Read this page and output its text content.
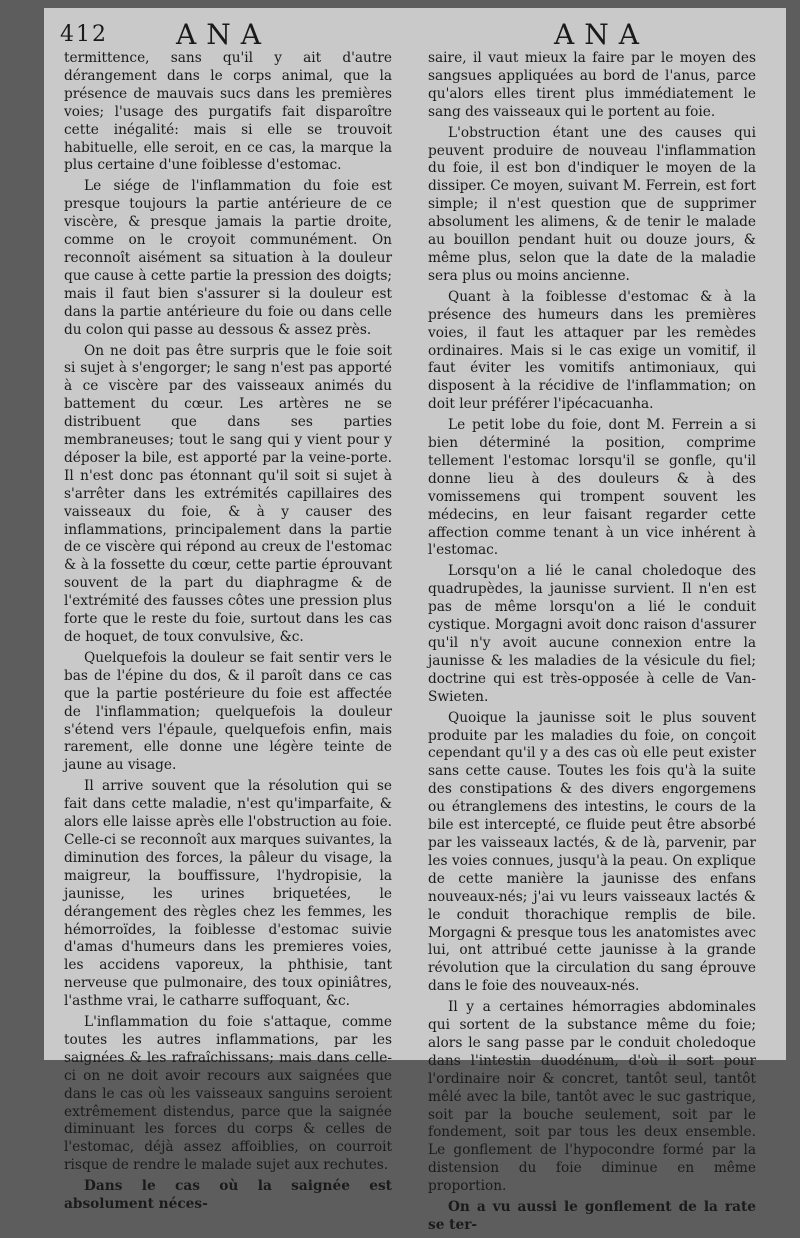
412 ANA	ANA

termittence, sans qu'il y ait d'autre dérangement dans le corps animal, que la présence de mauvais sucs dans les premières voies; l'usage des purgatifs fait disparoître cette inégalité: mais si elle se trouvoit habituelle, elle seroit, en ce cas, la marque la plus certaine d'une foiblesse d'estomac.

Le siége de l'inflammation du foie est presque toujours la partie antérieure de ce viscère, & presque jamais la partie droite, comme on le croyoit communément. On reconnoît aisément sa situation à la douleur que cause à cette partie la pression des doigts; mais il faut bien s'assurer si la douleur est dans la partie antérieure du foie ou dans celle du colon qui passe au dessous & assez près.

On ne doit pas être surpris que le foie soit si sujet à s'engorger; le sang n'est pas apporté à ce viscère par des vaisseaux animés du battement du cœur. Les artères ne se distribuent que dans ses parties membraneuses; tout le sang qui y vient pour y déposer la bile, est apporté par la veine-porte. Il n'est donc pas étonnant qu'il soit si sujet à s'arrêter dans les extrémités capillaires des vaisseaux du foie, & à y causer des inflammations, principalement dans la partie de ce viscère qui répond au creux de l'estomac & à la fossette du cœur, cette partie éprouvant souvent de la part du diaphragme & de l'extrémité des fausses côtes une pression plus forte que le reste du foie, surtout dans les cas de hoquet, de toux convulsive, &c.

Quelquefois la douleur se fait sentir vers le bas de l'épine du dos, & il paroît dans ce cas que la partie postérieure du foie est affectée de l'inflammation; quelquefois la douleur s'étend vers l'épaule, quelquefois enfin, mais rarement, elle donne une légère teinte de jaune au visage.

Il arrive souvent que la résolution qui se fait dans cette maladie, n'est qu'imparfaite, & alors elle laisse après elle l'obstruction au foie. Celle-ci se reconnoît aux marques suivantes, la diminution des forces, la pâleur du visage, la maigreur, la bouffissure, l'hydropisie, la jaunisse, les urines briquetées, le dérangement des règles chez les femmes, les hémorroïdes, la foiblesse d'estomac suivie d'amas d'humeurs dans les premieres voies, les accidens vaporeux, la phthisie, tant nerveuse que pulmonaire, des toux opiniâtres, l'asthme vrai, le catharre suffoquant, &c.

L'inflammation du foie s'attaque, comme toutes les autres inflammations, par les saignées & les rafraîchissans; mais dans celle-ci on ne doit avoir recours aux saignées que dans le cas où les vaisseaux sanguins seroient extrêmement distendus, parce que la saignée diminuant les forces du corps & celles de l'estomac, déjà assez affoiblies, on courroit risque de rendre le malade sujet aux rechutes.

Dans le cas où la saignée est absolument néces-

saire, il vaut mieux la faire par le moyen des sangsues appliquées au bord de l'anus, parce qu'alors elles tirent plus immédiatement le sang des vaisseaux qui le portent au foie.

L'obstruction étant une des causes qui peuvent produire de nouveau l'inflammation du foie, il est bon d'indiquer le moyen de la dissiper. Ce moyen, suivant M. Ferrein, est fort simple; il n'est question que de supprimer absolument les alimens, & de tenir le malade au bouillon pendant huit ou douze jours, & même plus, selon que la date de la maladie sera plus ou moins ancienne.

Quant à la foiblesse d'estomac & à la présence des humeurs dans les premières voies, il faut les attaquer par les remèdes ordinaires. Mais si le cas exige un vomitif, il faut éviter les vomitifs antimoniaux, qui disposent à la récidive de l'inflammation; on doit leur préférer l'ipécacuanha.

Le petit lobe du foie, dont M. Ferrein a si bien déterminé la position, comprime tellement l'estomac lorsqu'il se gonfle, qu'il donne lieu à des douleurs & à des vomissemens qui trompent souvent les médecins, en leur faisant regarder cette affection comme tenant à un vice inhérent à l'estomac.

Lorsqu'on a lié le canal choledoque des quadrupèdes, la jaunisse survient. Il n'en est pas de même lorsqu'on a lié le conduit cystique. Morgagni avoit donc raison d'assurer qu'il n'y avoit aucune connexion entre la jaunisse & les maladies de la vésicule du fiel; doctrine qui est très-opposée à celle de Van-Swieten.

Quoique la jaunisse soit le plus souvent produite par les maladies du foie, on conçoit cependant qu'il y a des cas où elle peut exister sans cette cause. Toutes les fois qu'à la suite des constipations & des divers engorgemens ou étranglemens des intestins, le cours de la bile est intercepté, ce fluide peut être absorbé par les vaisseaux lactés, & de là, parvenir, par les voies connues, jusqu'à la peau. On explique de cette manière la jaunisse des enfans nouveaux-nés; j'ai vu leurs vaisseaux lactés & le conduit thorachique remplis de bile. Morgagni & presque tous les anatomistes avec lui, ont attribué cette jaunisse à la grande révolution que la circulation du sang éprouve dans le foie des nouveaux-nés.

Il y a certaines hémorragies abdominales qui sortent de la substance même du foie; alors le sang passe par le conduit choledoque dans l'intestin duodénum, d'où il sort pour l'ordinaire noir & concret, tantôt seul, tantôt mêlé avec la bile, tantôt avec le suc gastrique, soit par la bouche seulement, soit par le fondement, soit par tous les deux ensemble. Le gonflement de l'hypocondre formé par la distension du foie diminue en même proportion.

On a vu aussi le gonflement de la rate se ter-
